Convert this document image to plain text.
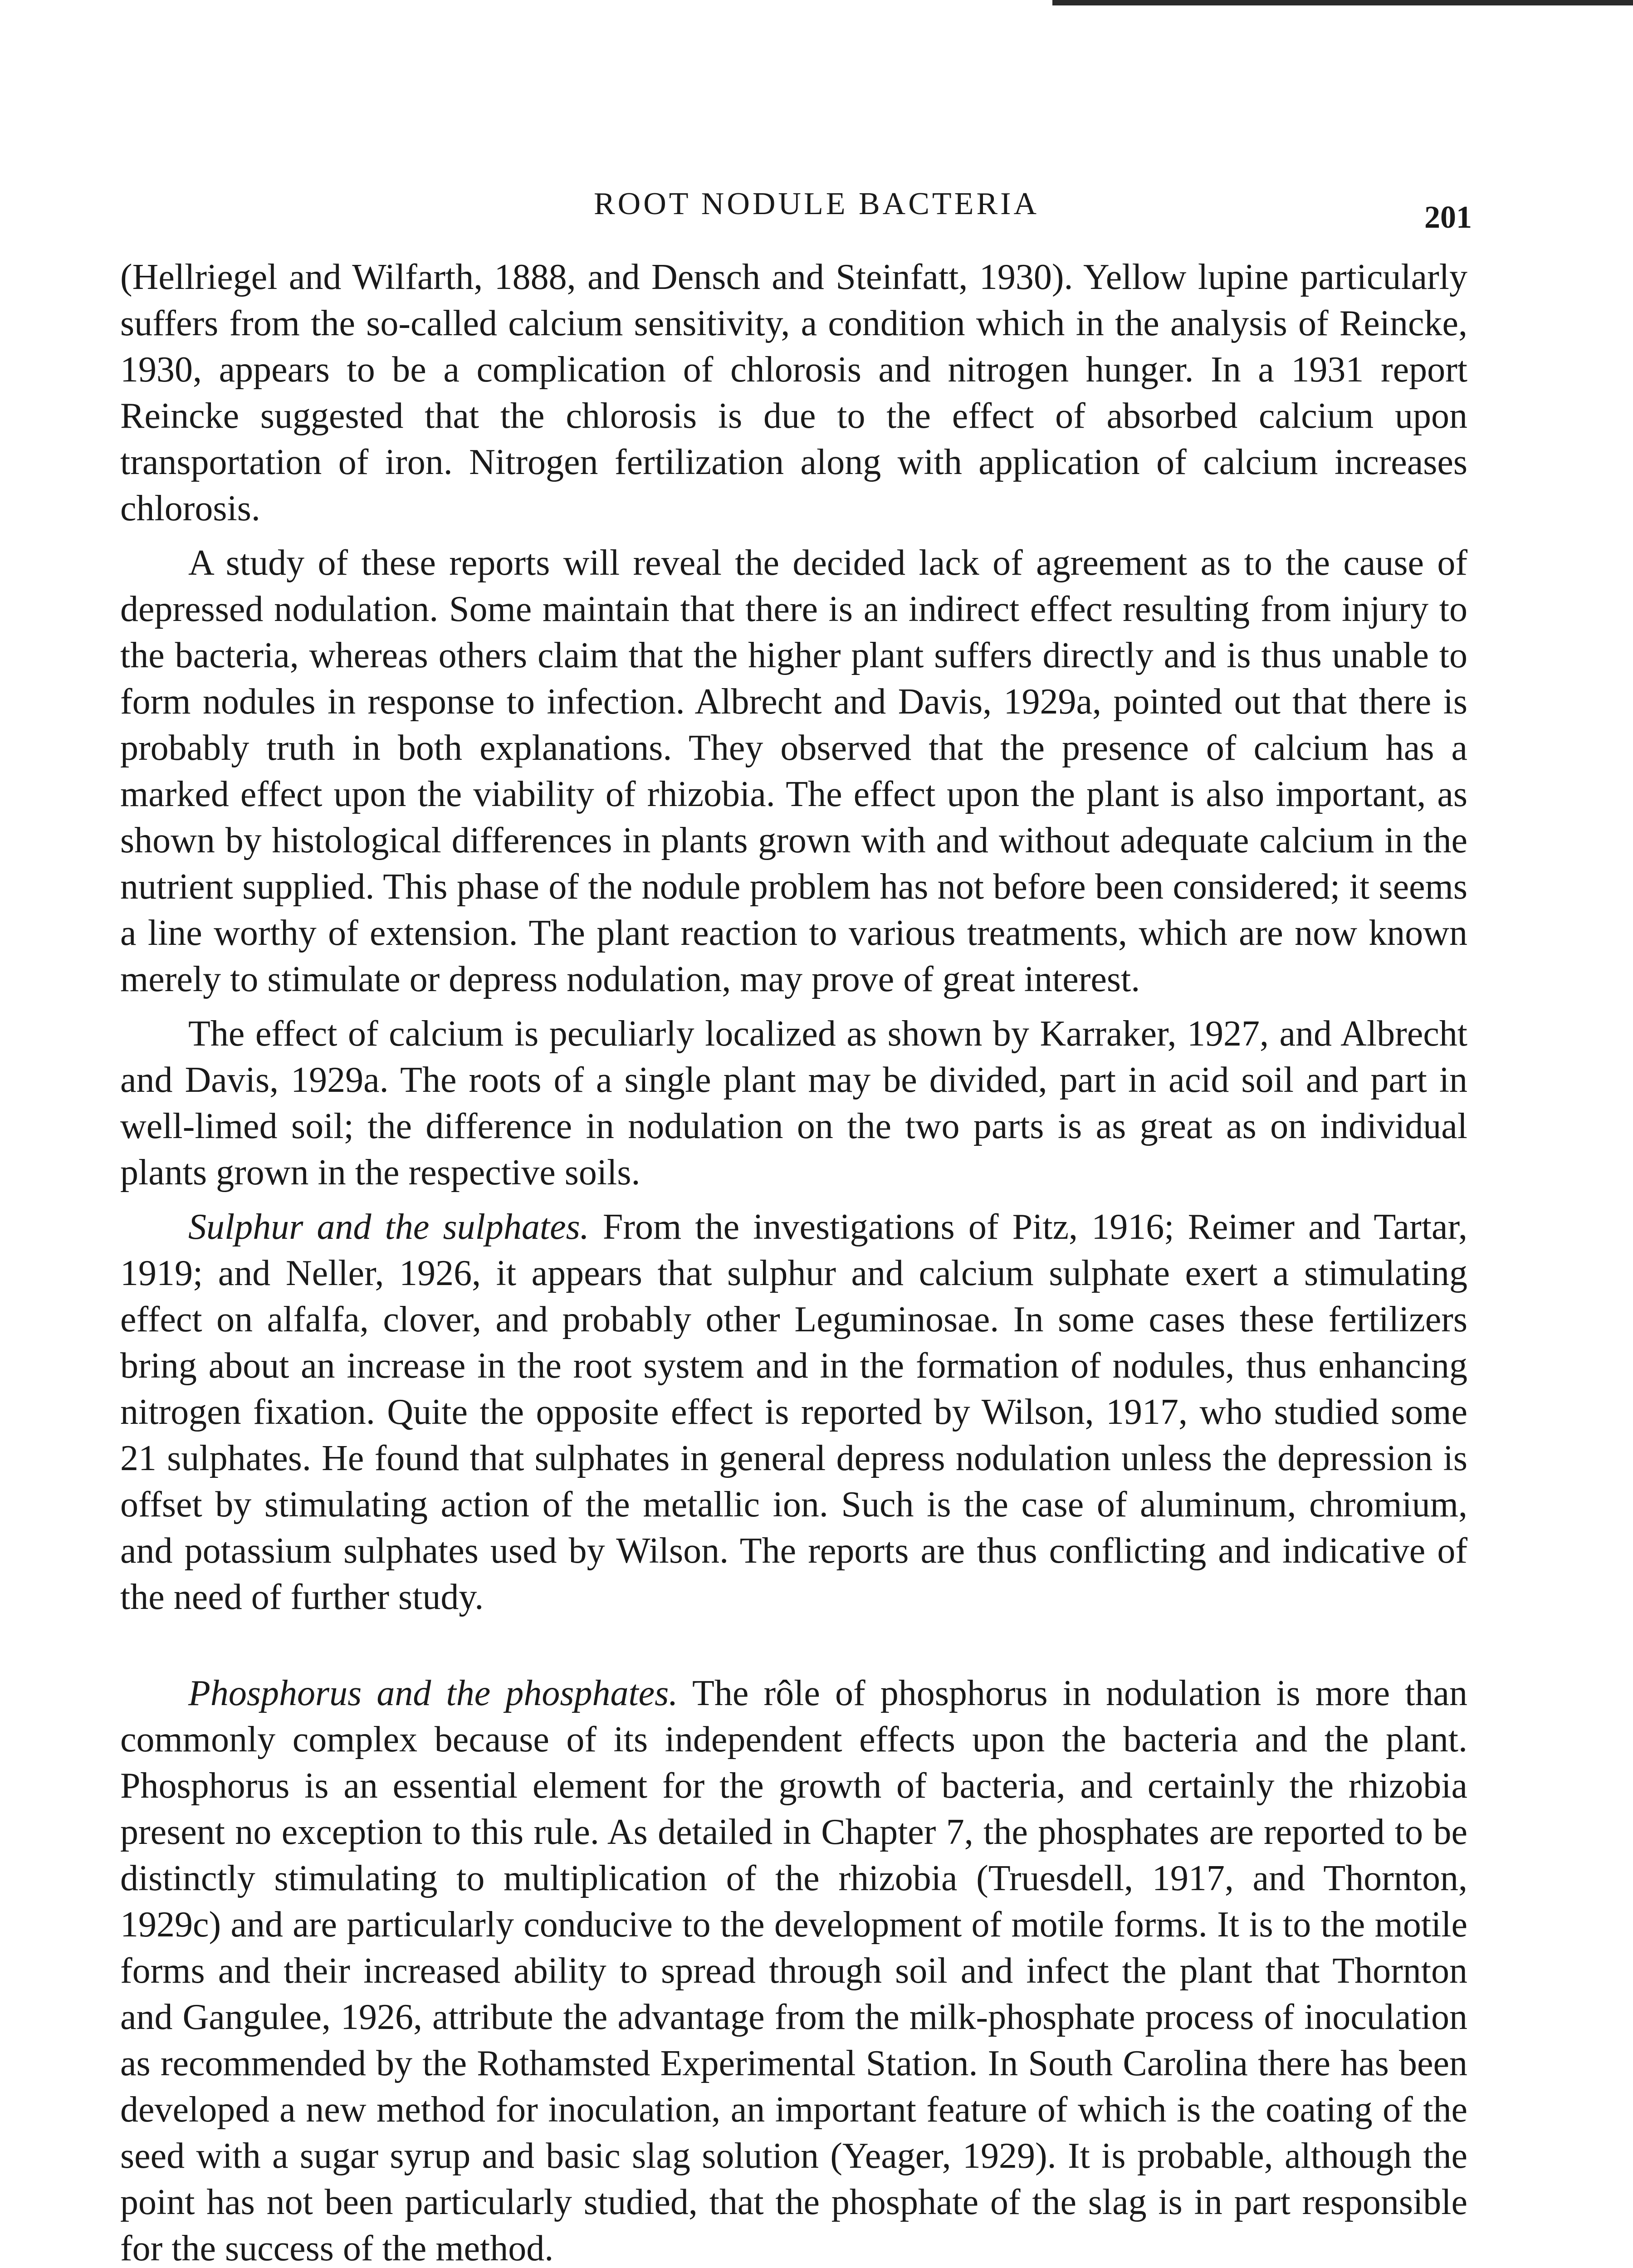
ROOT NODULE BACTERIA	201

(Hellriegel and Wilfarth, 1888, and Densch and Steinfatt, 1930). Yellow lupine particularly suffers from the so-called calcium sensitivity, a condition which in the analysis of Reincke, 1930, appears to be a complication of chlorosis and nitrogen hunger. In a 1931 report Reincke suggested that the chlorosis is due to the effect of absorbed calcium upon transportation of iron. Nitrogen fertilization along with application of calcium increases chlorosis.

A study of these reports will reveal the decided lack of agreement as to the cause of depressed nodulation. Some maintain that there is an indirect effect resulting from injury to the bacteria, whereas others claim that the higher plant suffers directly and is thus unable to form nodules in response to infection. Albrecht and Davis, 1929a, pointed out that there is probably truth in both explanations. They observed that the presence of calcium has a marked effect upon the viability of rhizobia. The effect upon the plant is also important, as shown by histological differences in plants grown with and without adequate calcium in the nutrient supplied. This phase of the nodule problem has not before been considered; it seems a line worthy of extension. The plant reaction to various treatments, which are now known merely to stimulate or depress nodulation, may prove of great interest.

The effect of calcium is peculiarly localized as shown by Karraker, 1927, and Albrecht and Davis, 1929a. The roots of a single plant may be divided, part in acid soil and part in well-limed soil; the difference in nodulation on the two parts is as great as on individual plants grown in the respective soils.

Sulphur and the sulphates. From the investigations of Pitz, 1916; Reimer and Tartar, 1919; and Neller, 1926, it appears that sulphur and calcium sulphate exert a stimulating effect on alfalfa, clover, and probably other Leguminosae. In some cases these fertilizers bring about an increase in the root system and in the formation of nodules, thus enhancing nitrogen fixation. Quite the opposite effect is reported by Wilson, 1917, who studied some 21 sulphates. He found that sulphates in general depress nodulation unless the depression is offset by stimulating action of the metallic ion. Such is the case of aluminum, chromium, and potassium sulphates used by Wilson. The reports are thus conflicting and indicative of the need of further study.

Phosphorus and the phosphates. The rôle of phosphorus in nodulation is more than commonly complex because of its independent effects upon the bacteria and the plant. Phosphorus is an essential element for the growth of bacteria, and certainly the rhizobia present no exception to this rule. As detailed in Chapter 7, the phosphates are reported to be distinctly stimulating to multiplication of the rhizobia (Truesdell, 1917, and Thornton, 1929c) and are particularly conducive to the development of motile forms. It is to the motile forms and their increased ability to spread through soil and infect the plant that Thornton and Gangulee, 1926, attribute the advantage from the milk-phosphate process of inoculation as recommended by the Rothamsted Experimental Station. In South Carolina there has been developed a new method for inoculation, an important feature of which is the coating of the seed with a sugar syrup and basic slag solution (Yeager, 1929). It is probable, although the point has not been particularly studied, that the phosphate of the slag is in part responsible for the success of the method.
